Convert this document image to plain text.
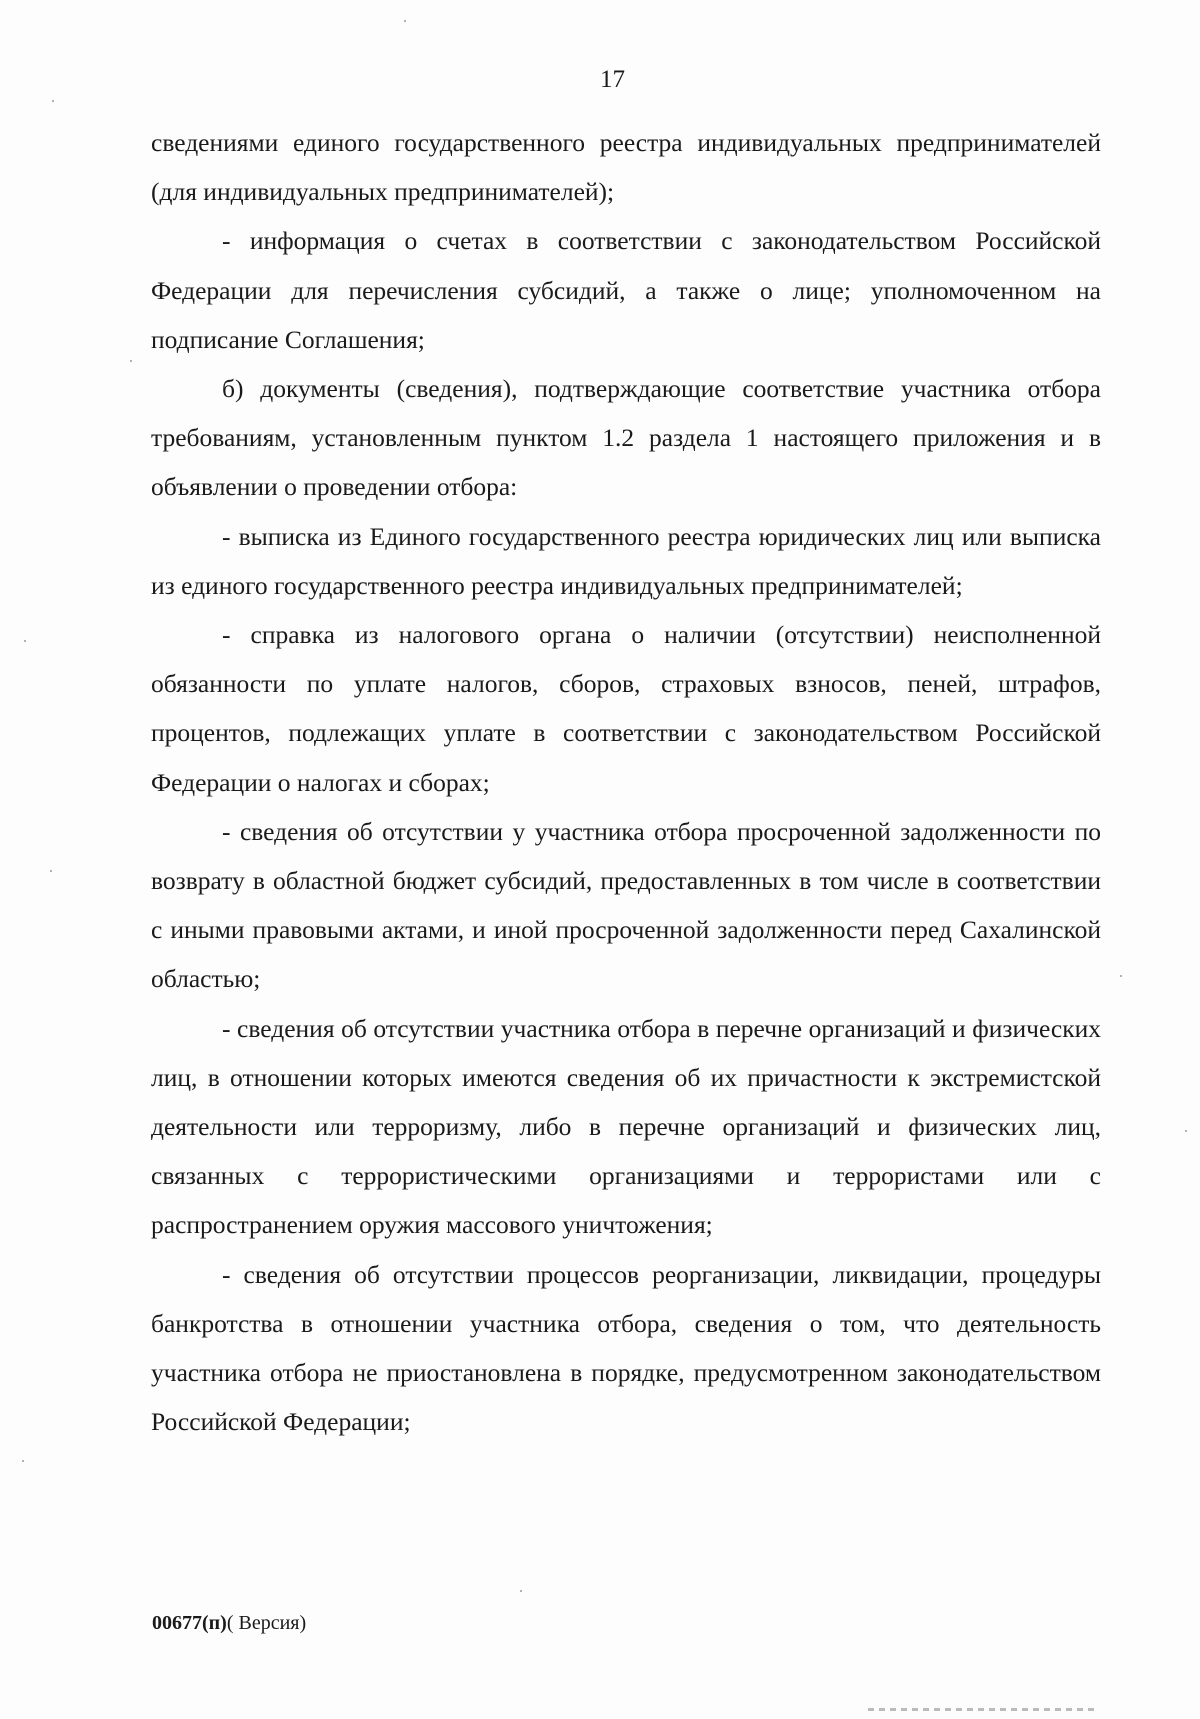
17

сведениями единого государственного реестра индивидуальных предпринимателей (для индивидуальных предпринимателей);

- информация о счетах в соответствии с законодательством Российской Федерации для перечисления субсидий, а также о лице; уполномоченном на подписание Соглашения;

б) документы (сведения), подтверждающие соответствие участника отбора требованиям, установленным пунктом 1.2 раздела 1 настоящего приложения и в объявлении о проведении отбора:

- выписка из Единого государственного реестра юридических лиц или выписка из единого государственного реестра индивидуальных предпринимателей;

- справка из налогового органа о наличии (отсутствии) неисполненной обязанности по уплате налогов, сборов, страховых взносов, пеней, штрафов, процентов, подлежащих уплате в соответствии с законодательством Российской Федерации о налогах и сборах;

- сведения об отсутствии у участника отбора просроченной задолженности по возврату в областной бюджет субсидий, предоставленных в том числе в соответствии с иными правовыми актами, и иной просроченной задолженности перед Сахалинской областью;

- сведения об отсутствии участника отбора в перечне организаций и физических лиц, в отношении которых имеются сведения об их причастности к экстремистской деятельности или терроризму, либо в перечне организаций и физических лиц, связанных с террористическими организациями и террористами или с распространением оружия массового уничтожения;

- сведения об отсутствии процессов реорганизации, ликвидации, процедуры банкротства в отношении участника отбора, сведения о том, что деятельность участника отбора не приостановлена в порядке, предусмотренном законодательством Российской Федерации;

00677(п)( Версия)
